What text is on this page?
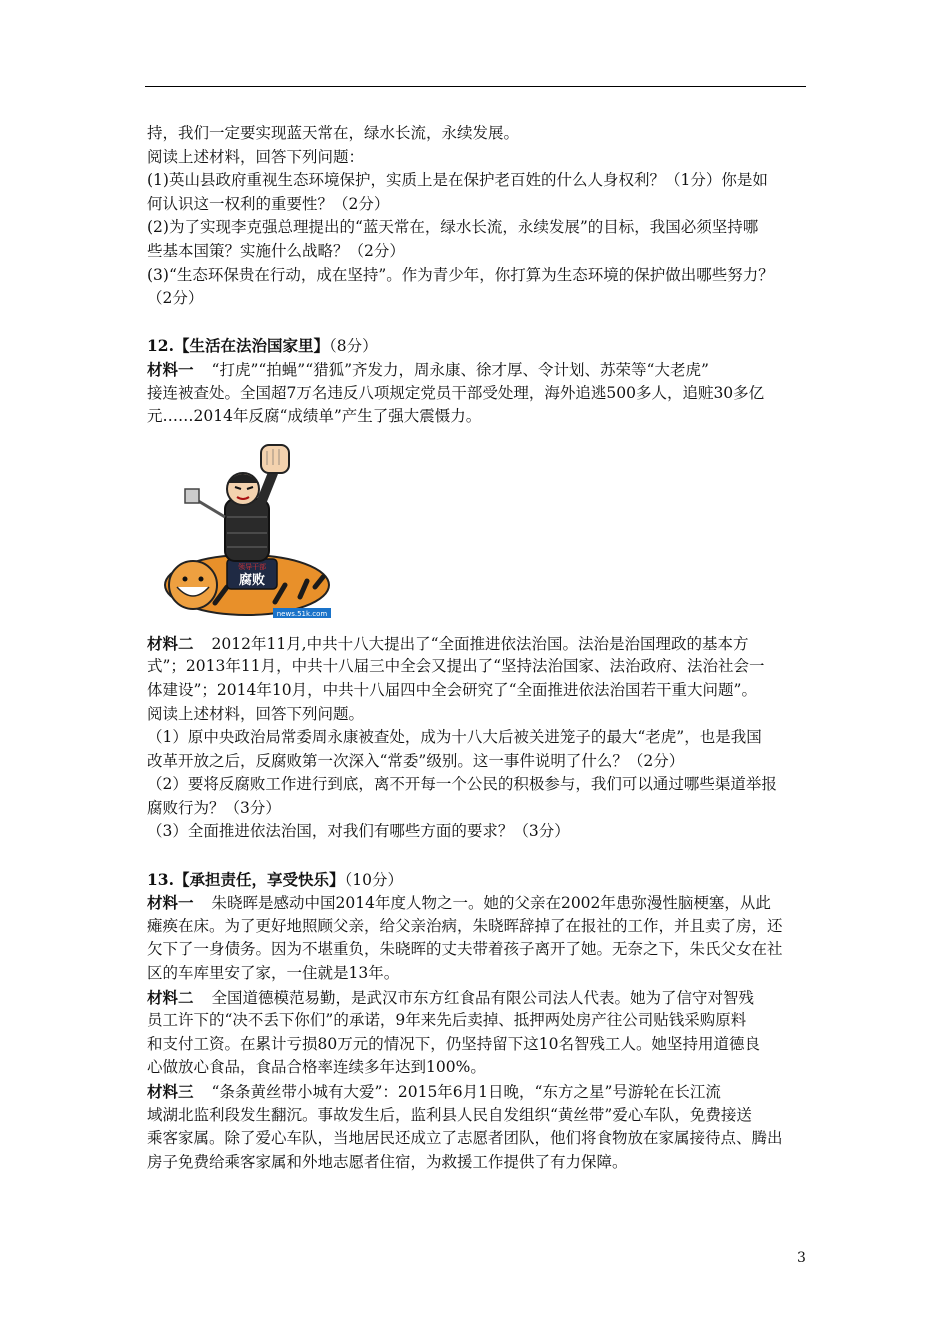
持，我们一定要实现蓝天常在，绿水长流，永续发展。
阅读上述材料，回答下列问题：
(1)英山县政府重视生态环境保护，实质上是在保护老百姓的什么人身权利？（1分）你是如
何认识这一权利的重要性？（2分）
(2)为了实现李克强总理提出的“蓝天常在，绿水长流，永续发展”的目标，我国必须坚持哪
些基本国策？实施什么战略？（2分）
(3)“生态环保贵在行动，成在坚持”。作为青少年，你打算为生态环境的保护做出哪些努力？
（2分）
12.【生活在法治国家里】（8分）
材料一 “打虎”“拍蝇”“猎狐”齐发力，周永康、徐才厚、令计划、苏荣等“大老虎”
接连被查处。全国超7万名违反八项规定党员干部受处理，海外追逃500多人，追赃30多亿
元……2014年反腐“成绩单”产生了强大震慑力。
领导干部
腐败
news.51k.com
材料二 2012年11月,中共十八大提出了“全面推进依法治国。法治是治国理政的基本方
式”；2013年11月，中共十八届三中全会又提出了“坚持法治国家、法治政府、法治社会一
体建设”；2014年10月，中共十八届四中全会研究了“全面推进依法治国若干重大问题”。
阅读上述材料，回答下列问题。
（1）原中央政治局常委周永康被查处，成为十八大后被关进笼子的最大“老虎”，也是我国
改革开放之后，反腐败第一次深入“常委”级别。这一事件说明了什么？（2分）
（2）要将反腐败工作进行到底，离不开每一个公民的积极参与，我们可以通过哪些渠道举报
腐败行为？（3分）
（3）全面推进依法治国，对我们有哪些方面的要求？（3分）
13.【承担责任，享受快乐】（10分）
材料一 朱晓晖是感动中国2014年度人物之一。她的父亲在2002年患弥漫性脑梗塞，从此
瘫痪在床。为了更好地照顾父亲，给父亲治病，朱晓晖辞掉了在报社的工作，并且卖了房，还
欠下了一身债务。因为不堪重负，朱晓晖的丈夫带着孩子离开了她。无奈之下，朱氏父女在社
区的车库里安了家，一住就是13年。
材料二 全国道德模范易勤，是武汉市东方红食品有限公司法人代表。她为了信守对智残
员工许下的“决不丢下你们”的承诺，9年来先后卖掉、抵押两处房产往公司贴钱采购原料
和支付工资。在累计亏损80万元的情况下，仍坚持留下这10名智残工人。她坚持用道德良
心做放心食品，食品合格率连续多年达到100%。
材料三 “条条黄丝带小城有大爱”：2015年6月1日晚，“东方之星”号游轮在长江流
域湖北监利段发生翻沉。事故发生后，监利县人民自发组织“黄丝带”爱心车队，免费接送
乘客家属。除了爱心车队，当地居民还成立了志愿者团队，他们将食物放在家属接待点、腾出
房子免费给乘客家属和外地志愿者住宿，为救援工作提供了有力保障。
3
